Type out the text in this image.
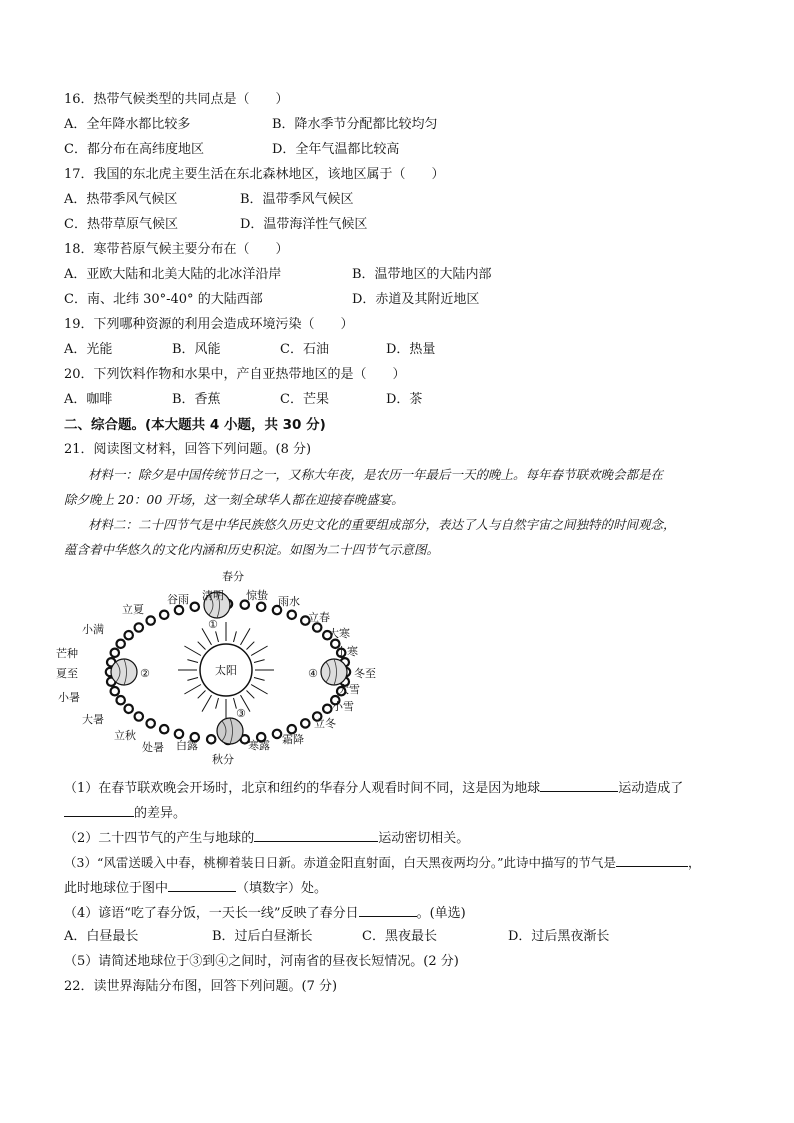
16．热带气候类型的共同点是（　　）
A．全年降水都比较多	B．降水季节分配都比较均匀
C．都分布在高纬度地区	D．全年气温都比较高
17．我国的东北虎主要生活在东北森林地区，该地区属于（　　）
A．热带季风气候区	B．温带季风气候区
C．热带草原气候区	D．温带海洋性气候区
18．寒带苔原气候主要分布在（　　）
A．亚欧大陆和北美大陆的北冰洋沿岸	B．温带地区的大陆内部
C．南、北纬 30°-40° 的大陆西部	D．赤道及其附近地区
19．下列哪种资源的利用会造成环境污染（　　）
A．光能	B．风能	C．石油	D．热量
20．下列饮料作物和水果中，产自亚热带地区的是（　　）
A．咖啡	B．香蕉	C．芒果	D．茶
二、综合题。(本大题共 4 小题，共 30 分)
21．阅读图文材料，回答下列问题。(8 分)
材料一：除夕是中国传统节日之一，又称大年夜，是农历一年最后一天的晚上。每年春节联欢晚会都是在
除夕晚上 20：00 开场，这一刻全球华人都在迎接春晚盛宴。
材料二：二十四节气是中华民族悠久历史文化的重要组成部分，表达了人与自然宇宙之间独特的时间观念，
蕴含着中华悠久的文化内涵和历史积淀。如图为二十四节气示意图。
太阳
①
②
③
④
春分
清明
谷雨
立夏
小满
芒种
夏至
小暑
大暑
立秋
处暑 白露
秋分
寒露 霜降
立冬
小雪
大雪
冬至
小寒
大寒
立春
雨水
惊蛰
（1）在春节联欢晚会开场时，北京和纽约的华春分人观看时间不同，这是因为地球	运动造成了
的差异。
（2）二十四节气的产生与地球的	运动密切相关。
（3）“风雷送暖入中春，桃柳着装日日新。赤道金阳直射面，白天黑夜两均分。”此诗中描写的节气是	，
此时地球位于图中	（填数字）处。
（4）谚语“吃了春分饭，一天长一线”反映了春分日	。(单选)
A．白昼最长	B．过后白昼渐长	C．黑夜最长	D．过后黑夜渐长
（5）请简述地球位于③到④之间时，河南省的昼夜长短情况。(2 分)
22．读世界海陆分布图，回答下列问题。(7 分)
